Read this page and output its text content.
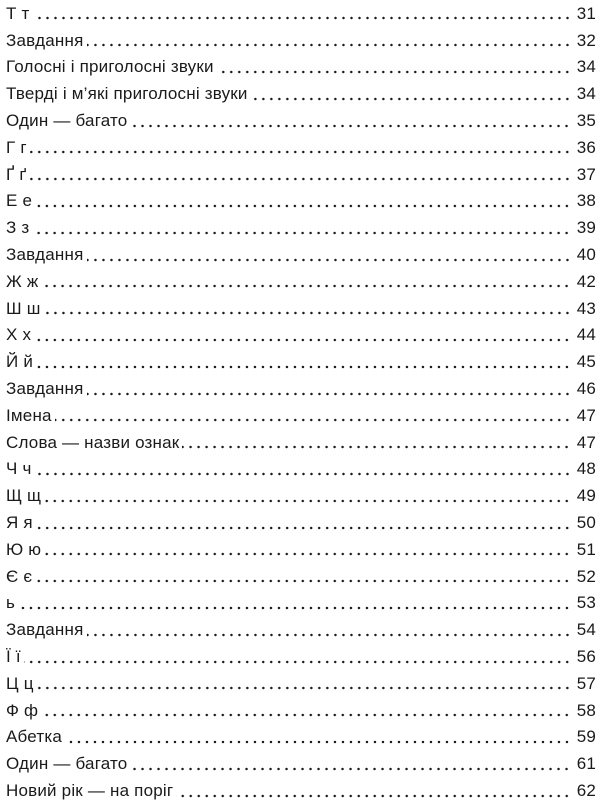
Т т	31
Завдання	32
Голосні і приголосні звуки	34
Тверді і м’які приголосні звуки	34
Один — багато	35
Г г	36
Ґ ґ	37
Е е	38
З з	39
Завдання	40
Ж ж	42
Ш ш	43
Х х	44
Й й	45
Завдання	46
Імена	47
Слова — назви ознак	47
Ч ч	48
Щ щ	49
Я я	50
Ю ю	51
Є є	52
ь	53
Завдання	54
Ї ї	56
Ц ц	57
Ф ф	58
Абетка	59
Один — багато	61
Новий рік — на поріг	62
